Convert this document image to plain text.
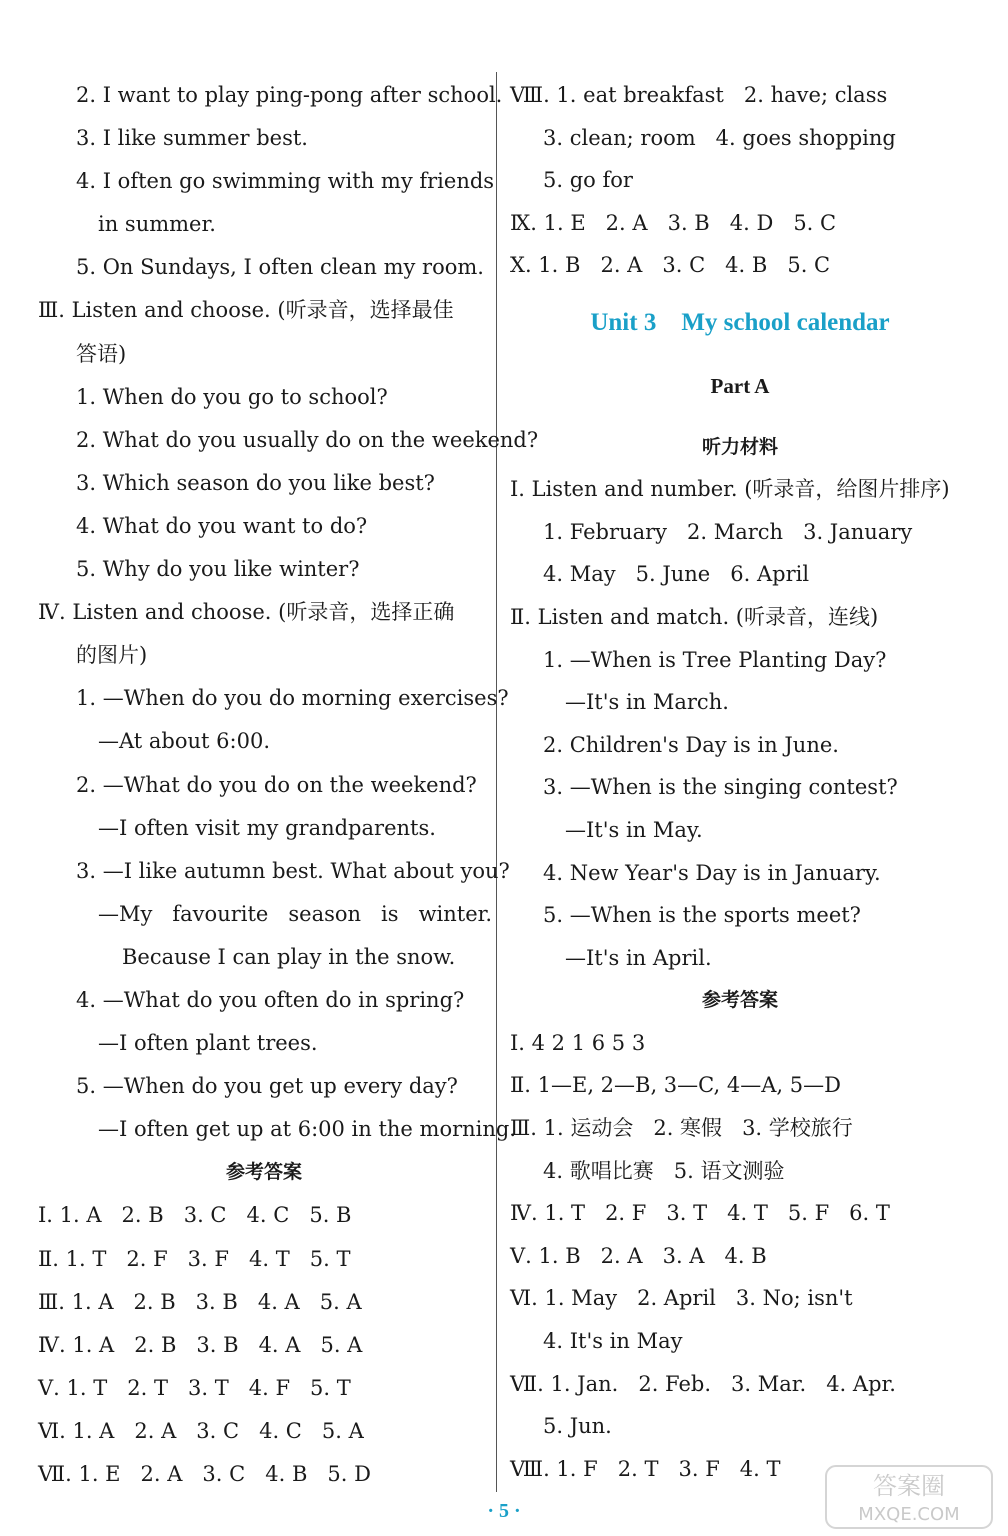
2. I want to play ping-pong after school.
3. I like summer best.
4. I often go swimming with my friends
in summer.
5. On Sundays, I often clean my room.
Ⅲ. Listen and choose. (听录音，选择最佳
答语)
1. When do you go to school?
2. What do you usually do on the weekend?
3. Which season do you like best?
4. What do you want to do?
5. Why do you like winter?
Ⅳ. Listen and choose. (听录音，选择正确
的图片)
1. —When do you do morning exercises?
—At about 6:00.
2. —What do you do on the weekend?
—I often visit my grandparents.
3. —I like autumn best. What about you?
—My   favourite   season   is   winter.
Because I can play in the snow.
4. —What do you often do in spring?
—I often plant trees.
5. —When do you get up every day?
—I often get up at 6:00 in the morning.
参考答案
Ⅰ. 1. A   2. B   3. C   4. C   5. B
Ⅱ. 1. T   2. F   3. F   4. T   5. T
Ⅲ. 1. A   2. B   3. B   4. A   5. A
Ⅳ. 1. A   2. B   3. B   4. A   5. A
Ⅴ. 1. T   2. T   3. T   4. F   5. T
Ⅵ. 1. A   2. A   3. C   4. C   5. A
Ⅶ. 1. E   2. A   3. C   4. B   5. D
Ⅷ. 1. eat breakfast   2. have; class
3. clean; room   4. goes shopping
5. go for
Ⅸ. 1. E   2. A   3. B   4. D   5. C
Ⅹ. 1. B   2. A   3. C   4. B   5. C
Unit 3    My school calendar
Part A
听力材料
Ⅰ. Listen and number. (听录音，给图片排序)
1. February   2. March   3. January
4. May   5. June   6. April
Ⅱ. Listen and match. (听录音，连线)
1. —When is Tree Planting Day?
—It's in March.
2. Children's Day is in June.
3. —When is the singing contest?
—It's in May.
4. New Year's Day is in January.
5. —When is the sports meet?
—It's in April.
参考答案
Ⅰ. 4 2 1 6 5 3
Ⅱ. 1—E, 2—B, 3—C, 4—A, 5—D
Ⅲ. 1. 运动会   2. 寒假   3. 学校旅行
4. 歌唱比赛   5. 语文测验
Ⅳ. 1. T   2. F   3. T   4. T   5. F   6. T
Ⅴ. 1. B   2. A   3. A   4. B
Ⅵ. 1. May   2. April   3. No; isn't
4. It's in May
Ⅶ. 1. Jan.   2. Feb.   3. Mar.   4. Apr.
5. Jun.
Ⅷ. 1. F   2. T   3. F   4. T
· 5 ·
答案圈
MXQE.COM
